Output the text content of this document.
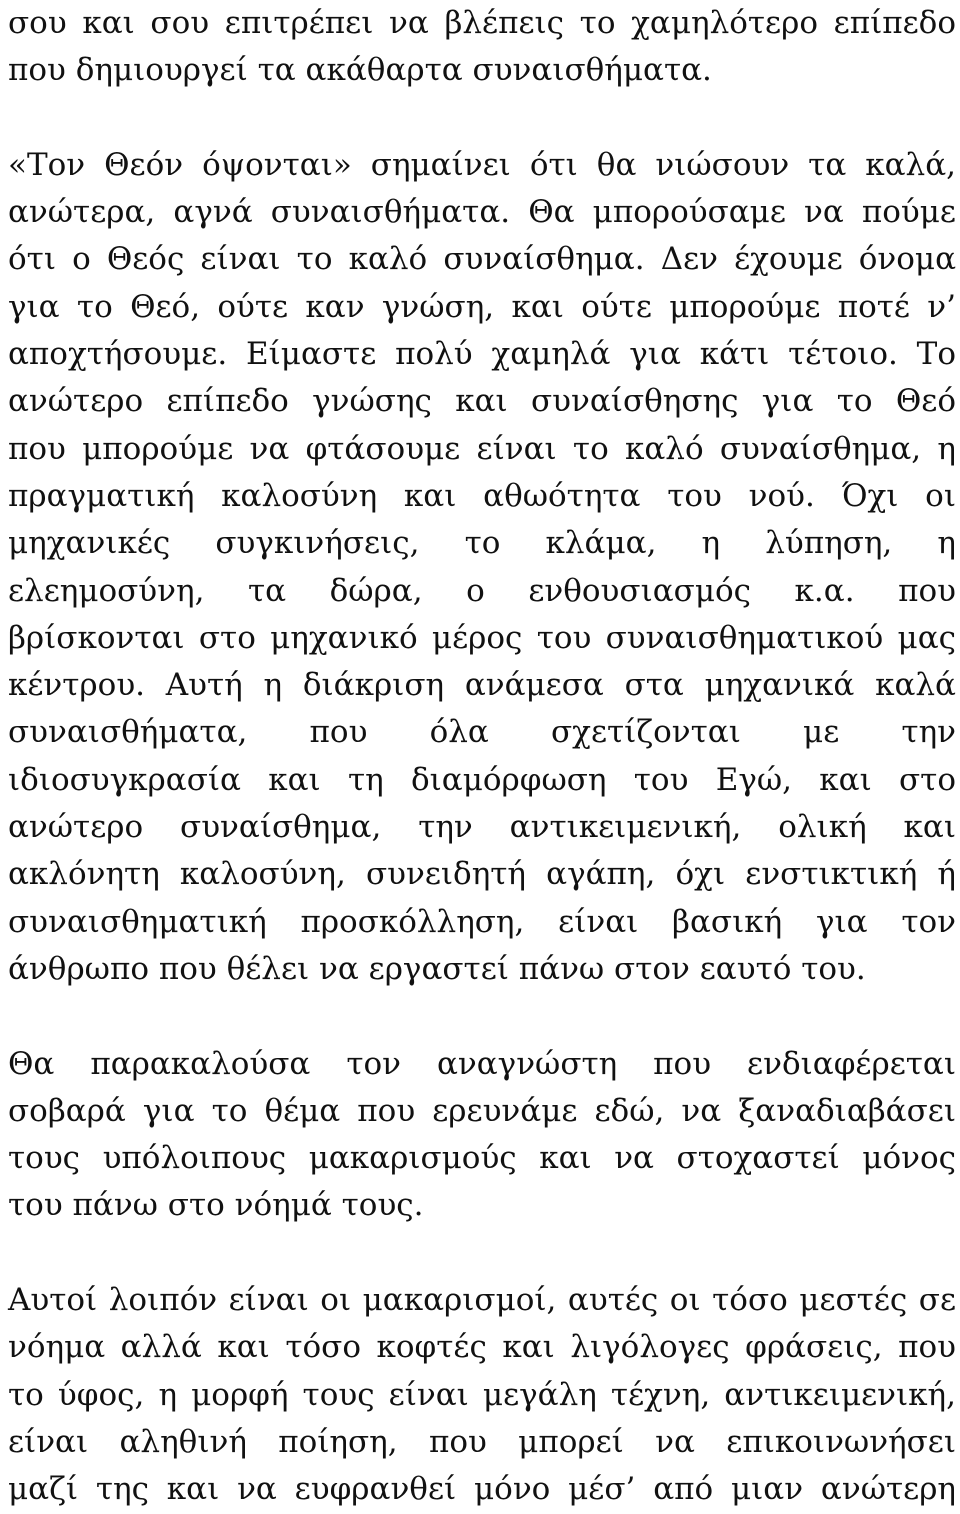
σου και σου επιτρέπει να βλέπεις το χαμηλότερο επίπεδο
που δημιουργεί τα ακάθαρτα συναισθήματα.
«Τον Θεόν όψονται» σημαίνει ότι θα νιώσουν τα καλά,
ανώτερα, αγνά συναισθήματα. Θα μπορούσαμε να πούμε
ότι ο Θεός είναι το καλό συναίσθημα. Δεν έχουμε όνομα
για το Θεό, ούτε καν γνώση, και ούτε μπορούμε ποτέ ν’
αποχτήσουμε. Είμαστε πολύ χαμηλά για κάτι τέτοιο. Το
ανώτερο επίπεδο γνώσης και συναίσθησης για το Θεό
που μπορούμε να φτάσουμε είναι το καλό συναίσθημα, η
πραγματική καλοσύνη και αθωότητα του νού. Όχι οι
μηχανικές συγκινήσεις, το κλάμα, η λύπηση, η
ελεημοσύνη, τα δώρα, ο ενθουσιασμός κ.α. που
βρίσκονται στο μηχανικό μέρος του συναισθηματικού μας
κέντρου. Αυτή η διάκριση ανάμεσα στα μηχανικά καλά
συναισθήματα, που όλα σχετίζονται με την
ιδιοσυγκρασία και τη διαμόρφωση του Εγώ, και στο
ανώτερο συναίσθημα, την αντικειμενική, ολική και
ακλόνητη καλοσύνη, συνειδητή αγάπη, όχι ενστικτική ή
συναισθηματική προσκόλληση, είναι βασική για τον
άνθρωπο που θέλει να εργαστεί πάνω στον εαυτό του.
Θα παρακαλούσα τον αναγνώστη που ενδιαφέρεται
σοβαρά για το θέμα που ερευνάμε εδώ, να ξαναδιαβάσει
τους υπόλοιπους μακαρισμούς και να στοχαστεί μόνος
του πάνω στο νόημά τους.
Αυτοί λοιπόν είναι οι μακαρισμοί, αυτές οι τόσο μεστές σε
νόημα αλλά και τόσο κοφτές και λιγόλογες φράσεις, που
το ύφος, η μορφή τους είναι μεγάλη τέχνη, αντικειμενική,
είναι αληθινή ποίηση, που μπορεί να επικοινωνήσει
μαζί της και να ευφρανθεί μόνο μέσ’ από μιαν ανώτερη
